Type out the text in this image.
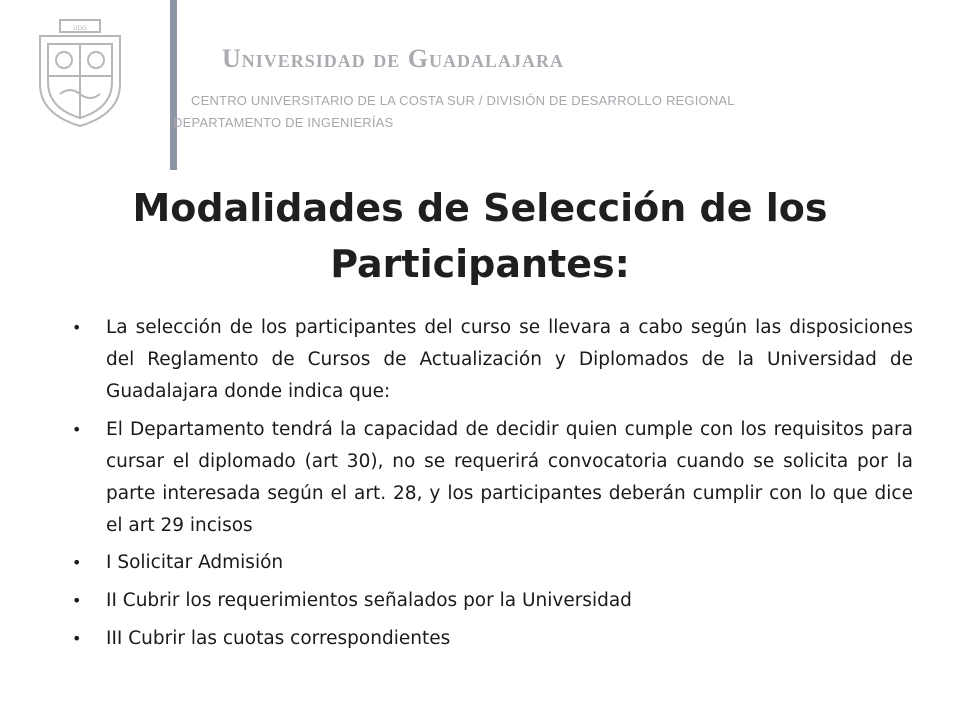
UDG
Universidad de Guadalajara
CENTRO UNIVERSITARIO DE LA COSTA SUR / DIVISIÓN DE DESARROLLO REGIONAL
DEPARTAMENTO DE INGENIERÍAS
Modalidades de Selección de los
Participantes:
• La selección de los participantes del curso se llevara a cabo según las disposiciones del Reglamento de Cursos de Actualización y Diplomados de la Universidad de Guadalajara donde indica que:
• El Departamento tendrá la capacidad de decidir quien cumple con los requisitos para cursar el diplomado (art 30), no se requerirá convocatoria cuando se solicita por la parte interesada según el art. 28, y los participantes deberán cumplir con lo que dice el art 29 incisos
• I Solicitar Admisión
• II Cubrir los requerimientos señalados por la Universidad
• III Cubrir las cuotas correspondientes
